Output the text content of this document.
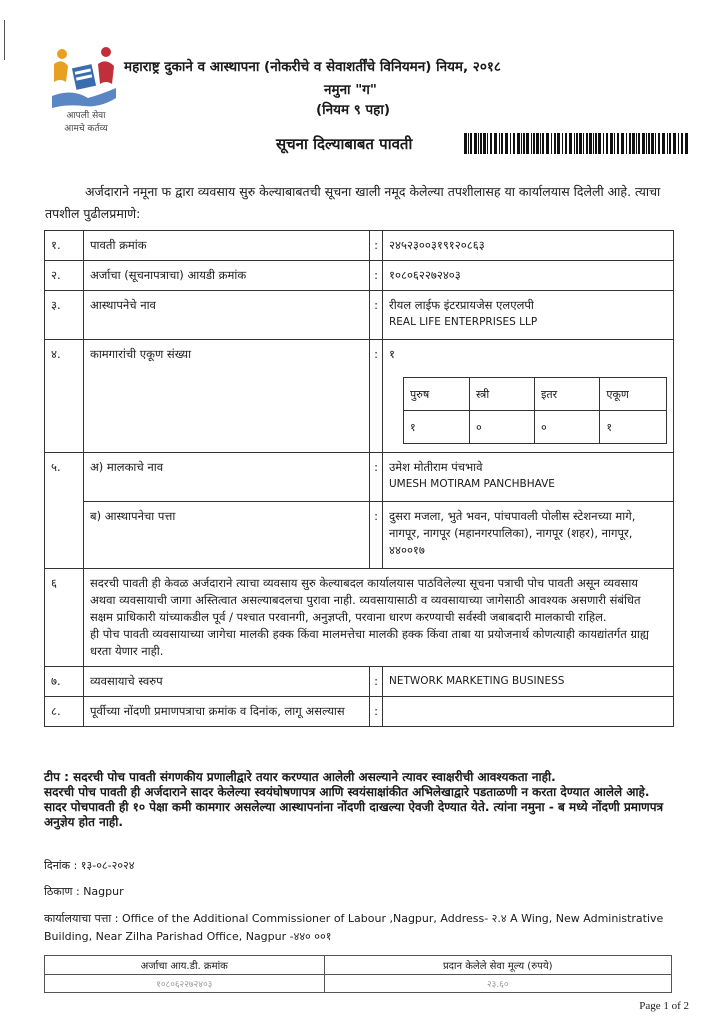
आपली सेवा
आमचे कर्तव्य
महाराष्ट्र दुकाने व आस्थापना (नोकरीचे व सेवाशर्तींचे विनियमन) नियम, २०१८
नमुना "ग"
(नियम ९ पहा)
सूचना दिल्याबाबत पावती
अर्जदाराने नमूना फ द्वारा व्यवसाय सुरु केल्याबाबतची सूचना खाली नमूद केलेल्या तपशीलासह या कार्यालयास दिलेली आहे. त्याचा तपशील पुढीलप्रमाणे:
१.	पावती क्रमांक	:	२४५२३००३१९१२०८६३
२.	अर्जाचा (सूचनापत्राचा) आयडी क्रमांक	:	१०८०६२२७२४०३
३.	आस्थापनेचे नाव	:	रीयल लाईफ इंटरप्रायजेस एलएलपी
REAL LIFE ENTERPRISES LLP

४.	कामगारांची एकूण संख्या	:	१
पुरुष	स्त्री	इतर	एकूण
१	०	०	१

५.	अ) मालकाचे नाव	:	उमेश मोतीराम पंचभावे
UMESH MOTIRAM PANCHBHAVE

ब) आस्थापनेचा पत्ता	:	दुसरा मजला, भुते भवन, पांचपावली पोलीस स्टेशनच्या मागे, नागपूर, नागपूर (महानगरपालिका), नागपूर (शहर), नागपूर, ४४००१७
६	सदरची पावती ही केवळ अर्जदाराने त्याचा व्यवसाय सुरु केल्याबदल कार्यालयास पाठविलेल्या सूचना पत्राची पोच पावती असून व्यवसाय अथवा व्यवसायाची जागा अस्तित्वात असल्याबदलचा पुरावा नाही. व्यवसायासाठी व व्यवसायाच्या जागेसाठी आवश्यक असणारी संबंधित सक्षम प्राधिकारी यांच्याकडील पूर्व / पश्चात परवानगी, अनुज्ञप्ती, परवाना धारण करण्याची सर्वस्वी जबाबदारी मालकाची राहिल.
ही पोच पावती व्यवसायाच्या जागेचा मालकी हक्क किंवा मालमत्तेचा मालकी हक्क किंवा ताबा या प्रयोजनार्थ कोणत्याही कायद्यांतर्गत ग्राह्य धरता येणार नाही.

७.	व्यवसायाचे स्वरुप	:	NETWORK MARKETING BUSINESS
८.	पूर्वीच्या नोंदणी प्रमाणपत्राचा क्रमांक व दिनांक, लागू असल्यास	:	
टीप : सदरची पोच पावती संगणकीय प्रणालीद्वारे तयार करण्यात आलेली असल्याने त्यावर स्वाक्षरीची आवश्यकता नाही.
सदरची पोच पावती ही अर्जदाराने सादर केलेल्या स्वयंघोषणापत्र आणि स्वयंसाक्षांकीत अभिलेखाद्वारे पडताळणी न करता देण्यात आलेले आहे.
सादर पोचपावती ही १० पेक्षा कमी कामगार असलेल्या आस्थापनांना नोंदणी दाखल्या ऐवजी देण्यात येते. त्यांना नमुना - ब मध्ये नोंदणी प्रमाणपत्र अनुज्ञेय होत नाही.
दिनांक : १३-०८-२०२४
ठिकाण : Nagpur
कार्यालयाचा पत्ता : Office of the Additional Commissioner of Labour ,Nagpur, Address- २.४ A Wing, New Administrative Building, Near Zilha Parishad Office, Nagpur -४४० ००१
अर्जाचा आय.डी. क्रमांक	प्रदान केलेले सेवा मूल्य (रुपये)
१०८०६२२७२४०३	२३.६०
Page 1 of 2
